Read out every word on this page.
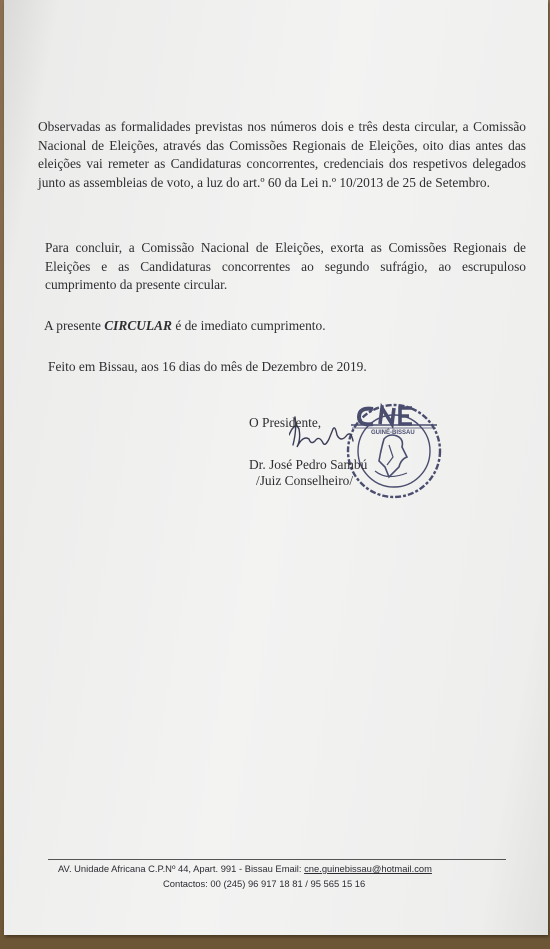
Observadas as formalidades previstas nos números dois e três desta circular, a Comissão Nacional de Eleições, através das Comissões Regionais de Eleições, oito dias antes das eleições vai remeter as Candidaturas concorrentes, credenciais dos respetivos delegados junto as assembleias de voto, a luz do art.º 60 da Lei n.º 10/2013 de 25 de Setembro.

Para concluir, a Comissão Nacional de Eleições, exorta as Comissões Regionais de Eleições e as Candidaturas concorrentes ao segundo sufrágio, ao escrupuloso cumprimento da presente circular.

A presente CIRCULAR é de imediato cumprimento.

Feito em Bissau, aos 16 dias do mês de Dezembro de 2019.

GUINÉ-BISSAU
O Presidente,
Dr. José Pedro Sambú
/Juiz Conselheiro/
AV. Unidade Africana C.P.Nº 44, Apart. 991 - Bissau Email: cne.guinebissau@hotmail.com
Contactos: 00 (245) 96 917 18 81 / 95 565 15 16
